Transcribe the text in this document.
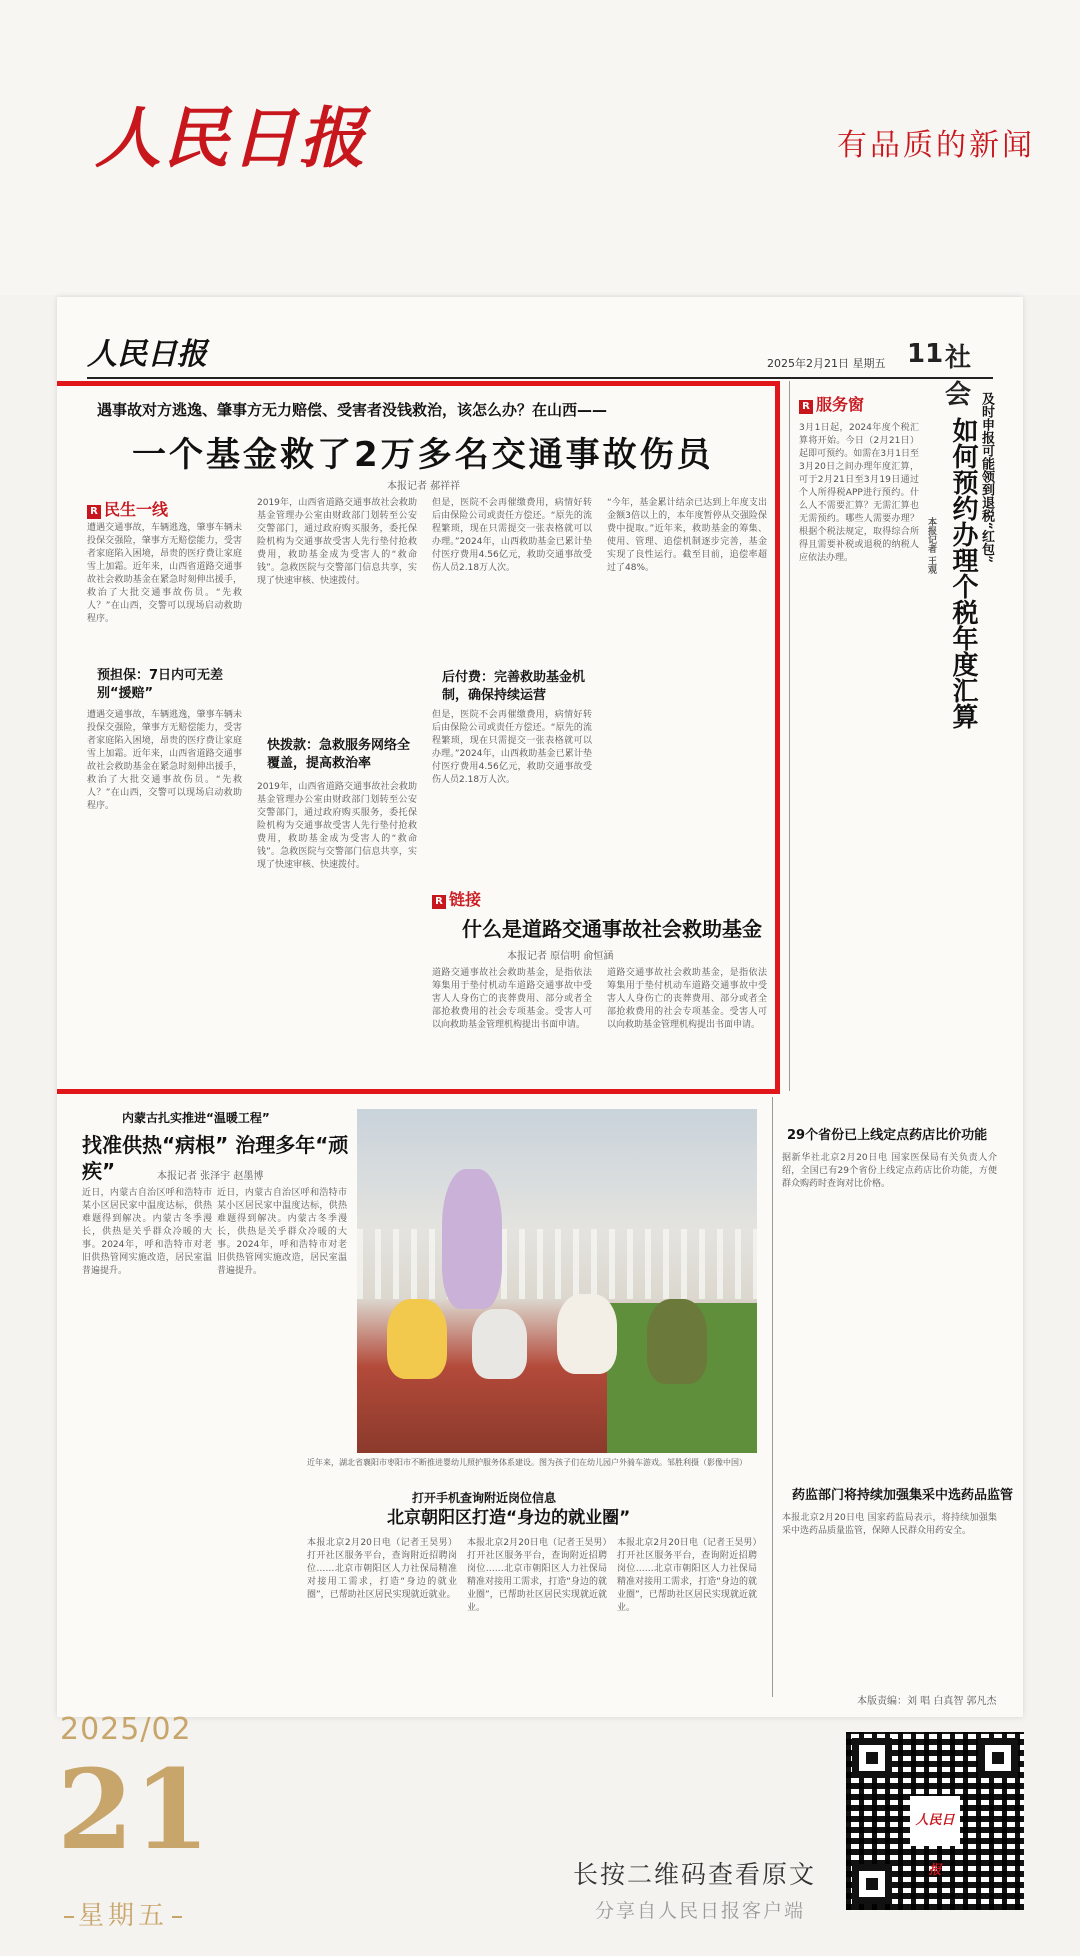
人民日报	有品质的新闻
人民日报	2025年2月21日 星期五 11 社会
遇事故对方逃逸、肇事方无力赔偿、受害者没钱救治，该怎么办？在山西——
一个基金救了2万多名交通事故伤员
本报记者 郝祥祥
R 民生一线
遭遇交通事故，车辆逃逸，肇事车辆未投保交强险，肇事方无赔偿能力，受害者家庭陷入困境，昂贵的医疗费让家庭雪上加霜。近年来，山西省道路交通事故社会救助基金在紧急时刻伸出援手，救治了大批交通事故伤员。“先救人？”在山西，交警可以现场启动救助程序。
预担保：7日内可无差别“援赔”
遭遇交通事故，车辆逃逸，肇事车辆未投保交强险，肇事方无赔偿能力，受害者家庭陷入困境，昂贵的医疗费让家庭雪上加霜。近年来，山西省道路交通事故社会救助基金在紧急时刻伸出援手，救治了大批交通事故伤员。“先救人？”在山西，交警可以现场启动救助程序。
2019年，山西省道路交通事故社会救助基金管理办公室由财政部门划转至公安交警部门，通过政府购买服务，委托保险机构为交通事故受害人先行垫付抢救费用，救助基金成为受害人的“救命钱”。急救医院与交警部门信息共享，实现了快速审核、快速拨付。
快拨款：急救服务网络全覆盖，提高救治率
2019年，山西省道路交通事故社会救助基金管理办公室由财政部门划转至公安交警部门，通过政府购买服务，委托保险机构为交通事故受害人先行垫付抢救费用，救助基金成为受害人的“救命钱”。急救医院与交警部门信息共享，实现了快速审核、快速拨付。
但是，医院不会再催缴费用，病情好转后由保险公司或责任方偿还。“原先的流程繁琐，现在只需提交一张表格就可以办理。”2024年，山西救助基金已累计垫付医疗费用4.56亿元，救助交通事故受伤人员2.18万人次。
后付费：完善救助基金机制，确保持续运营
但是，医院不会再催缴费用，病情好转后由保险公司或责任方偿还。“原先的流程繁琐，现在只需提交一张表格就可以办理。”2024年，山西救助基金已累计垫付医疗费用4.56亿元，救助交通事故受伤人员2.18万人次。
“今年，基金累计结余已达到上年度支出金额3倍以上的，本年度暂停从交强险保费中提取。”近年来，救助基金的筹集、使用、管理、追偿机制逐步完善，基金实现了良性运行。截至目前，追偿率超过了48%。
R 链接
什么是道路交通事故社会救助基金
本报记者 原信明 俞恒涵
道路交通事故社会救助基金，是指依法筹集用于垫付机动车道路交通事故中受害人人身伤亡的丧葬费用、部分或者全部抢救费用的社会专项基金。受害人可以向救助基金管理机构提出书面申请。
道路交通事故社会救助基金，是指依法筹集用于垫付机动车道路交通事故中受害人人身伤亡的丧葬费用、部分或者全部抢救费用的社会专项基金。受害人可以向救助基金管理机构提出书面申请。
R 服务窗	及时申报可能领到退税“红包”
如何预约办理个税年度汇算
本报记者 王观
3月1日起，2024年度个税汇算将开始。今日（2月21日）起即可预约。如需在3月1日至3月20日之间办理年度汇算，可于2月21日至3月19日通过个人所得税APP进行预约。什么人不需要汇算？无需汇算也无需预约。哪些人需要办理？根据个税法规定，取得综合所得且需要补税或退税的纳税人应依法办理。
内蒙古扎实推进“温暖工程”
找准供热“病根” 治理多年“顽疾”	本报记者 张泽宇 赵墨博
近日，内蒙古自治区呼和浩特市某小区居民家中温度达标，供热难题得到解决。内蒙古冬季漫长，供热是关乎群众冷暖的大事。2024年，呼和浩特市对老旧供热管网实施改造，居民室温普遍提升。
近日，内蒙古自治区呼和浩特市某小区居民家中温度达标，供热难题得到解决。内蒙古冬季漫长，供热是关乎群众冷暖的大事。2024年，呼和浩特市对老旧供热管网实施改造，居民室温普遍提升。
近年来，湖北省襄阳市枣阳市不断推进婴幼儿照护服务体系建设。图为孩子们在幼儿园户外骑车游戏。邹胜利摄（影像中国）
打开手机查询附近岗位信息
北京朝阳区打造“身边的就业圈”
本报北京2月20日电（记者王昊男）打开社区服务平台，查询附近招聘岗位……北京市朝阳区人力社保局精准对接用工需求，打造“身边的就业圈”，已帮助社区居民实现就近就业。
本报北京2月20日电（记者王昊男）打开社区服务平台，查询附近招聘岗位……北京市朝阳区人力社保局精准对接用工需求，打造“身边的就业圈”，已帮助社区居民实现就近就业。
本报北京2月20日电（记者王昊男）打开社区服务平台，查询附近招聘岗位……北京市朝阳区人力社保局精准对接用工需求，打造“身边的就业圈”，已帮助社区居民实现就近就业。
29个省份已上线定点药店比价功能
据新华社北京2月20日电 国家医保局有关负责人介绍，全国已有29个省份上线定点药店比价功能，方便群众购药时查询对比价格。
药监部门将持续加强集采中选药品监管
本报北京2月20日电 国家药监局表示，将持续加强集采中选药品质量监管，保障人民群众用药安全。
本版责编：刘 唱 白真智 郭凡杰
2025/02
21
星期五
长按二维码查看原文
分享自人民日报客户端
人民日报
